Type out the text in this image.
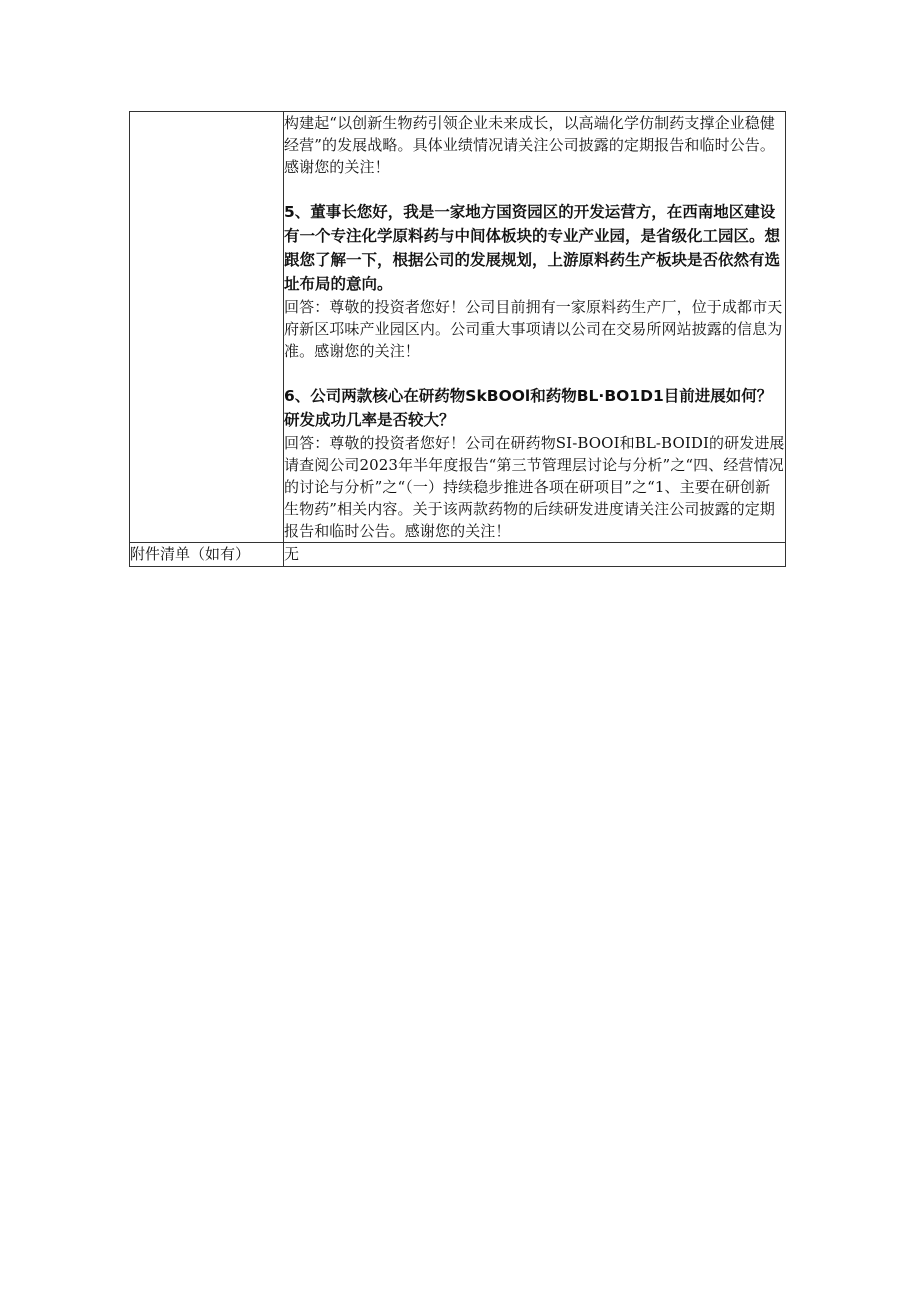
	构建起“以创新生物药引领企业未来成长，以高端化学仿制药支撑企业稳健经营”的发展战略。具体业绩情况请关注公司披露的定期报告和临时公告。感谢您的关注！

5、董事长您好，我是一家地方国资园区的开发运营方，在西南地区建设有一个专注化学原料药与中间体板块的专业产业园，是省级化工园区。想跟您了解一下，根据公司的发展规划，上游原料药生产板块是否依然有选址布局的意向。

回答：尊敬的投资者您好！公司目前拥有一家原料药生产厂，位于成都市天府新区邛味产业园区内。公司重大事项请以公司在交易所网站披露的信息为准。感谢您的关注！

6、公司两款核心在研药物SkBOOl和药物BL·BO1D1目前进展如何？研发成功几率是否较大？

回答：尊敬的投资者您好！公司在研药物SI-BOOI和BL-BOIDI的研发进展请查阅公司2023年半年度报告“第三节管理层讨论与分析”之“四、经营情况的讨论与分析”之“（一）持续稳步推进各项在研项目”之“1、主要在研创新生物药”相关内容。关于该两款药物的后续研发进度请关注公司披露的定期报告和临时公告。感谢您的关注！

附件清单（如有）	无
